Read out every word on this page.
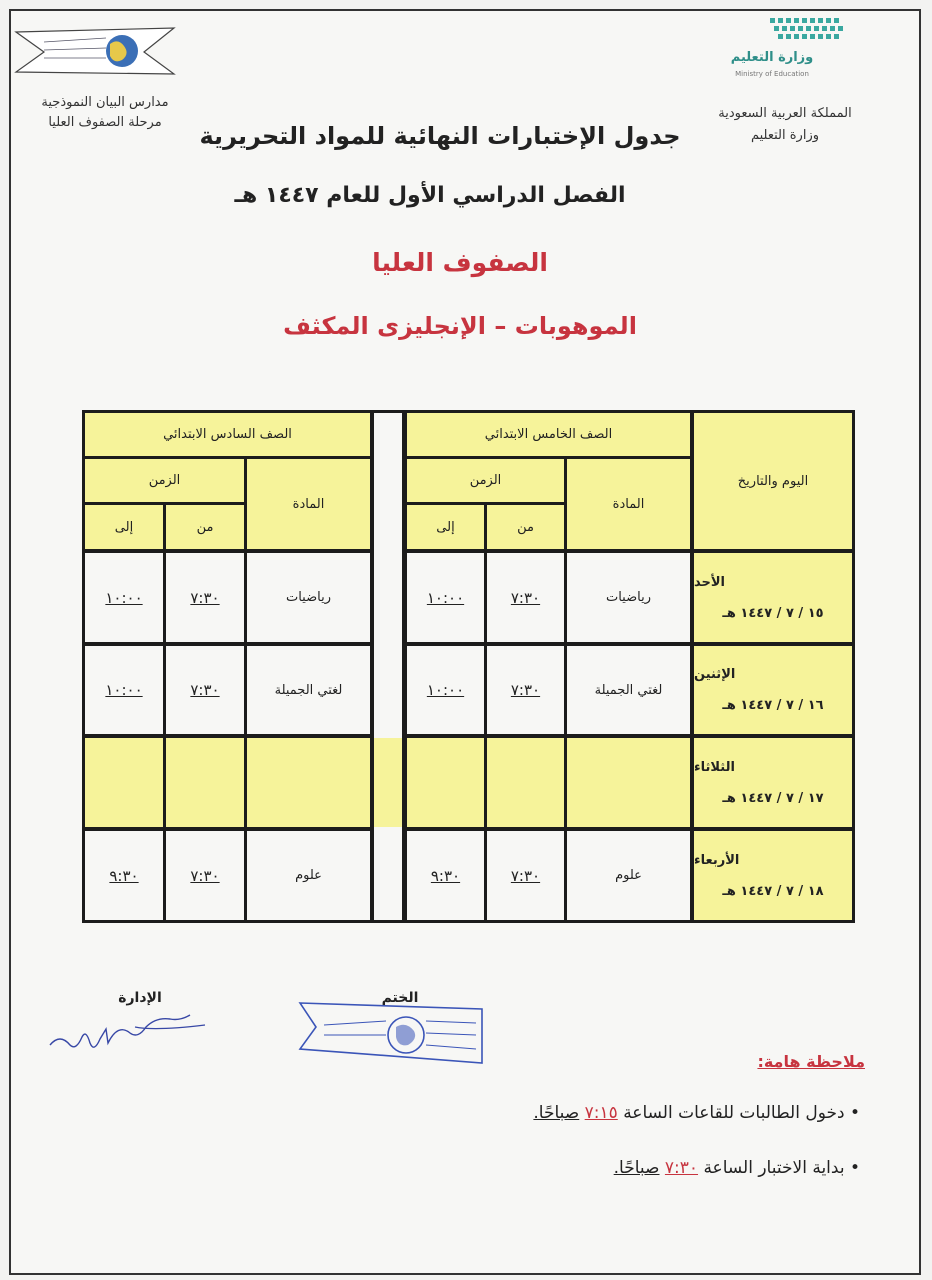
مدارس البيان النموذجية
مرحلة الصفوف العليا
وزارة التعليم
Ministry of Education
المملكة العربية السعودية
وزارة التعليم
جدول الإختبارات النهائية للمواد التحريرية
الفصل الدراسي الأول للعام ١٤٤٧ هـ
الصفوف العليا
الموهوبات – الإنجليزى المكثف
اليوم والتاريخ
الصف الخامس الابتدائي
المادة
الزمن
من
إلى
الصف السادس الابتدائي
المادة
الزمن
من
إلى
الأحد
١٥ / ٧ / ١٤٤٧ هـ
رياضيات
٧:٣٠
١٠:٠٠
رياضيات
٧:٣٠
١٠:٠٠
الإثنين
١٦ / ٧ / ١٤٤٧ هـ
لغتي الجميلة
٧:٣٠
١٠:٠٠
لغتي الجميلة
٧:٣٠
١٠:٠٠
الثلاثاء
١٧ / ٧ / ١٤٤٧ هـ
الأربعاء
١٨ / ٧ / ١٤٤٧ هـ
علوم
٧:٣٠
٩:٣٠
علوم
٧:٣٠
٩:٣٠
الإدارة	الختم
ملاحظة هامة:
• دخول الطالبات للقاعات الساعة ٧:١٥ صباحًا.
• بداية الاختبار الساعة ٧:٣٠ صباحًا.
